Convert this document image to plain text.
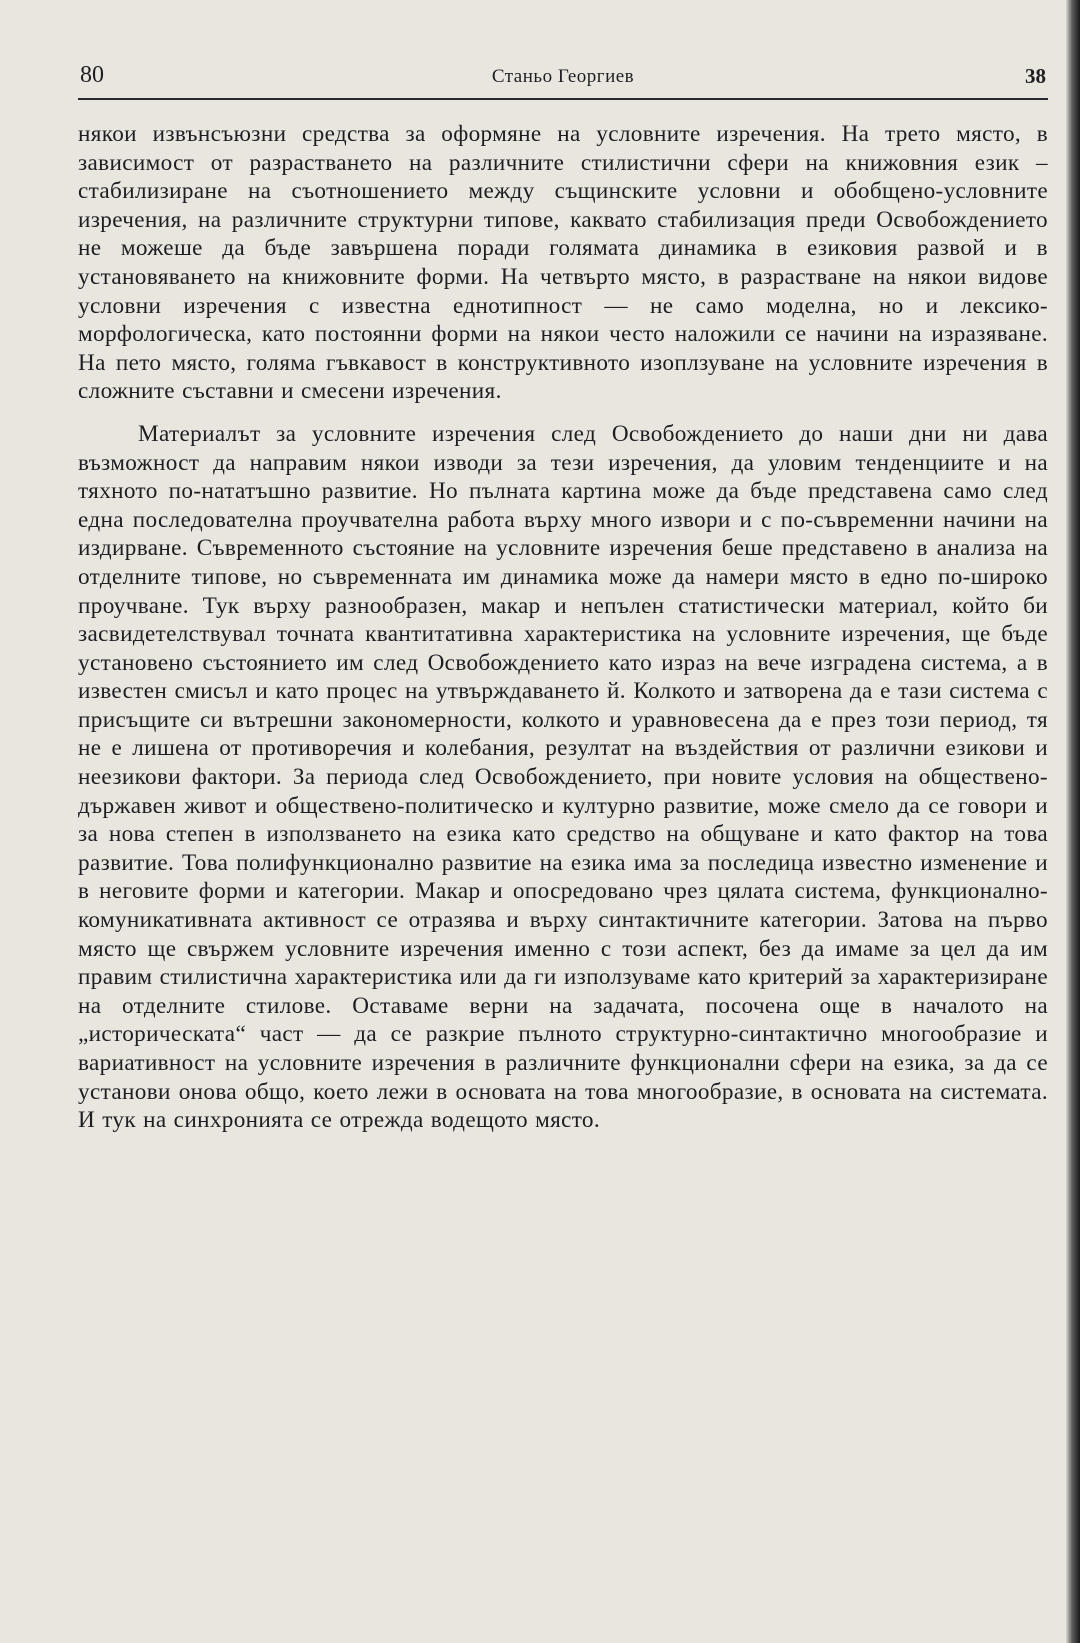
80	Станьо Георгиев	38

някои извънсъюзни средства за оформяне на условните изречения. На трето място, в зависимост от разрастването на различните стилистични сфери на книжовния език – стабилизиране на съотношението между същинските условни и обобщено-условните изречения, на различните структурни типове, каквато стабилизация преди Освобождението не можеше да бъде завършена поради голямата динамика в езиковия развой и в установяването на книжовните форми. На четвърто място, в разрастване на някои видове условни изречения с известна еднотипност — не само моделна, но и лексико-морфологическа, като постоянни форми на някои често наложили се начини на изразяване. На пето място, голяма гъвкавост в конструктивното изоплзуване на условните изречения в сложните съставни и смесени изречения.

Материалът за условните изречения след Освобождението до наши дни ни дава възможност да направим някои изводи за тези изречения, да уловим тенденциите и на тяхното по-нататъшно развитие. Но пълната картина може да бъде представена само след една последователна проучвателна работа върху много извори и с по-съвременни начини на издирване. Съвременното състояние на условните изречения беше представено в анализа на отделните типове, но съвременната им динамика може да намери място в едно по-широко проучване. Тук върху разнообразен, макар и непълен статистически материал, който би засвидетелствувал точната квантитативна характеристика на условните изречения, ще бъде установено състоянието им след Освобождението като израз на вече изградена система, а в известен смисъл и като процес на утвърждаването й. Колкото и затворена да е тази система с присъщите си вътрешни закономерности, колкото и уравновесена да е през този период, тя не е лишена от противоречия и колебания, резултат на въздействия от различни езикови и неезикови фактори. За периода след Освобождението, при новите условия на обществено-държавен живот и обществено-политическо и културно развитие, може смело да се говори и за нова степен в използването на езика като средство на общуване и като фактор на това развитие. Това полифункционално развитие на езика има за последица известно изменение и в неговите форми и категории. Макар и опосредовано чрез цялата система, функционално-комуникативната активност се отразява и върху синтактичните категории. Затова на първо място ще свържем условните изречения именно с този аспект, без да имаме за цел да им правим стилистична характеристика или да ги използуваме като критерий за характеризиране на отделните стилове. Оставаме верни на задачата, посочена още в началото на „историческата“ част — да се разкрие пълното структурно-синтактично многообразие и вариативност на условните изречения в различните функционални сфери на езика, за да се установи онова общо, което лежи в основата на това многообразие, в основата на системата. И тук на синхронията се отрежда водещото място.
